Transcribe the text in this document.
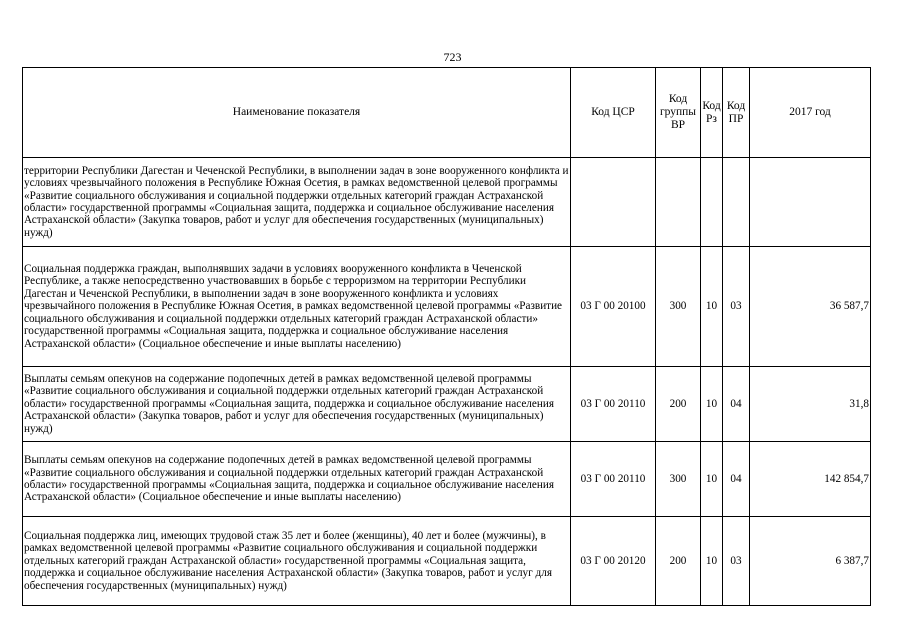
723
Наименование показателя	Код ЦСР	Код группы ВР	Код Рз	Код ПР	2017 год
территории Республики Дагестан и Чеченской Республики, в выполнении задач в зоне вооруженного конфликта и условиях чрезвычайного положения в Республике Южная Осетия, в рамках ведомственной целевой программы «Развитие социального обслуживания и социальной поддержки отдельных категорий граждан Астраханской области» государственной программы «Социальная защита, поддержка и социальное обслуживание населения Астраханской области» (Закупка товаров, работ и услуг для обеспечения государственных (муниципальных) нужд)					
Социальная поддержка граждан, выполнявших задачи в условиях вооруженного конфликта в Чеченской Республике, а также непосредственно участвовавших в борьбе с терроризмом на территории Республики Дагестан и Чеченской Республики, в выполнении задач в зоне вооруженного конфликта и условиях чрезвычайного положения в Республике Южная Осетия, в рамках ведомственной целевой программы «Развитие социального обслуживания и социальной поддержки отдельных категорий граждан Астраханской области» государственной программы «Социальная защита, поддержка и социальное обслуживание населения Астраханской области» (Социальное обеспечение и иные выплаты населению)	03 Г 00 20100	300	10	03	36 587,7
Выплаты семьям опекунов на содержание подопечных детей в рамках ведомственной целевой программы «Развитие социального обслуживания и социальной поддержки отдельных категорий граждан Астраханской области» государственной программы «Социальная защита, поддержка и социальное обслуживание населения Астраханской области» (Закупка товаров, работ и услуг для обеспечения государственных (муниципальных) нужд)	03 Г 00 20110	200	10	04	31,8
Выплаты семьям опекунов на содержание подопечных детей в рамках ведомственной целевой программы «Развитие социального обслуживания и социальной поддержки отдельных категорий граждан Астраханской области» государственной программы «Социальная защита, поддержка и социальное обслуживание населения Астраханской области» (Социальное обеспечение и иные выплаты населению)	03 Г 00 20110	300	10	04	142 854,7
Социальная поддержка лиц, имеющих трудовой стаж 35 лет и более (женщины), 40 лет и более (мужчины), в рамках ведомственной целевой программы «Развитие социального обслуживания и социальной поддержки отдельных категорий граждан Астраханской области» государственной программы «Социальная защита, поддержка и социальное обслуживание населения Астраханской области» (Закупка товаров, работ и услуг для обеспечения государственных (муниципальных) нужд)	03 Г 00 20120	200	10	03	6 387,7
